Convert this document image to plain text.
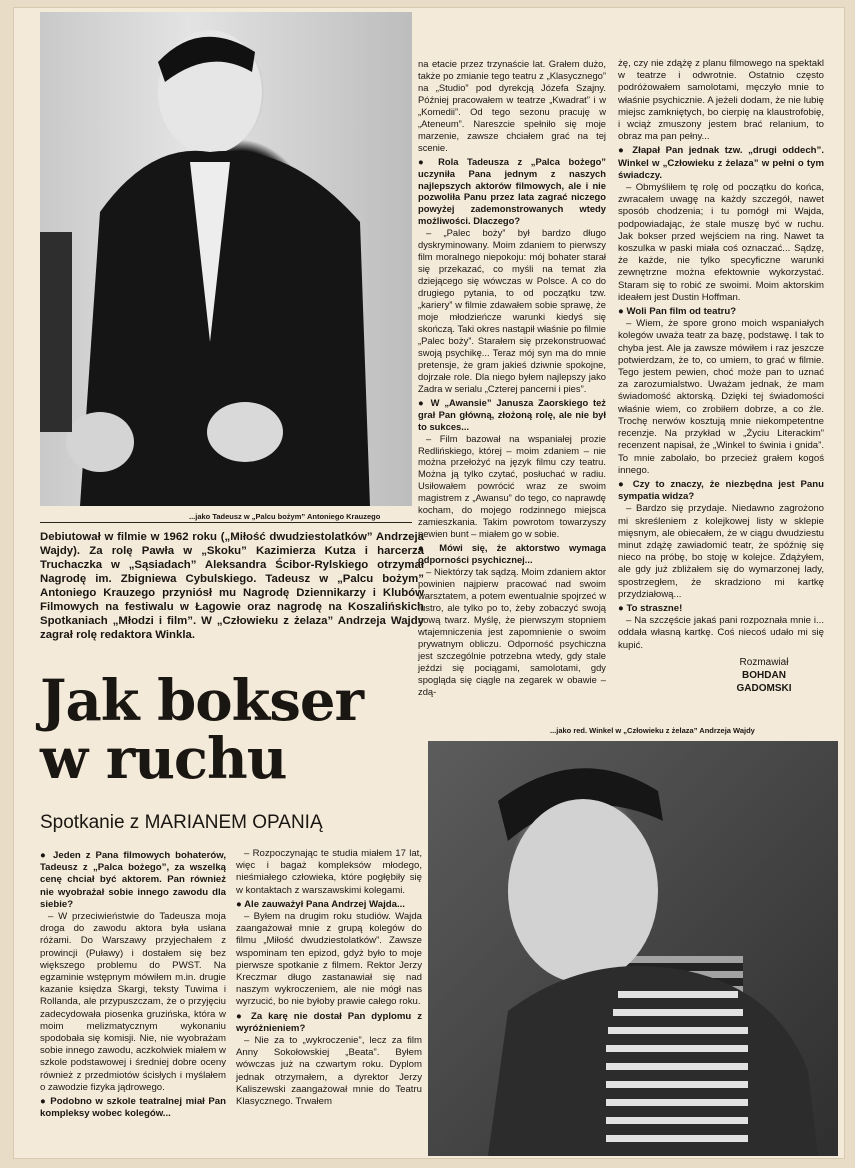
...jako Tadeusz w „Palcu bożym” Antoniego Krauzego
Debiutował w filmie w 1962 roku („Miłość dwudziestolatków” Andrzeja Wajdy). Za rolę Pawła w „Skoku” Kazimierza Kutza i harcerza Truchaczka w „Sąsiadach” Aleksandra Ścibor-Rylskiego otrzymał Nagrodę im. Zbigniewa Cybulskiego. Tadeusz w „Palcu bożym” Antoniego Krauzego przyniósł mu Nagrodę Dziennikarzy i Klubów Filmowych na festiwalu w Łagowie oraz nagrodę na Koszalińskich Spotkaniach „Młodzi i film”. W „Człowieku z żelaza” Andrzeja Wajdy zagrał rolę redaktora Winkla.
Jak bokser
w ruchu
Spotkanie z MARIANEM OPANIĄ

● Jeden z Pana filmowych bohaterów, Tadeusz z „Palca bożego”, za wszelką cenę chciał być aktorem. Pan również nie wyobrażał sobie innego zawodu dla siebie?

– W przeciwieństwie do Tadeusza moja droga do zawodu aktora była usłana różami. Do Warszawy przyjechałem z prowincji (Puławy) i dostałem się bez większego problemu do PWST. Na egzaminie wstępnym mówiłem m.in. drugie kazanie księdza Skargi, teksty Tuwima i Rollanda, ale przypuszczam, że o przyjęciu zadecydowała piosenka gruzińska, która w moim melizmatycznym wykonaniu spodobała się komisji. Nie, nie wyobrażam sobie innego zawodu, aczkolwiek miałem w szkole podstawowej i średniej dobre oceny również z przedmiotów ścisłych i myślałem o zawodzie fizyka jądrowego.

● Podobno w szkole teatralnej miał Pan kompleksy wobec kolegów...

– Rozpoczynając te studia miałem 17 lat, więc i bagaż kompleksów młodego, nieśmiałego człowieka, które pogłębiły się w kontaktach z warszawskimi kolegami.

● Ale zauważył Pana Andrzej Wajda...

– Byłem na drugim roku studiów. Wajda zaangażował mnie z grupą kolegów do filmu „Miłość dwudziestolatków”. Zawsze wspominam ten epizod, gdyż było to moje pierwsze spotkanie z filmem. Rektor Jerzy Kreczmar długo zastanawiał się nad naszym wykroczeniem, ale nie mógł nas wyrzucić, bo nie byłoby prawie całego roku.

● Za karę nie dostał Pan dyplomu z wyróżnieniem?

– Nie za to „wykroczenie”, lecz za film Anny Sokołowskiej „Beata”. Byłem wówczas już na czwartym roku. Dyplom jednak otrzymałem, a dyrektor Jerzy Kaliszewski zaangażował mnie do Teatru Klasycznego. Trwałem

na etacie przez trzynaście lat. Grałem dużo, także po zmianie tego teatru z „Klasycznego” na „Studio” pod dyrekcją Józefa Szajny. Później pracowałem w teatrze „Kwadrat” i w „Komedii”. Od tego sezonu pracuję w „Ateneum”. Nareszcie spełniło się moje marzenie, zawsze chciałem grać na tej scenie.

● Rola Tadeusza z „Palca bożego” uczyniła Pana jednym z naszych najlepszych aktorów filmowych, ale i nie pozwoliła Panu przez lata zagrać niczego powyżej zademonstrowanych wtedy możliwości. Dlaczego?

– „Palec boży” był bardzo długo dyskryminowany. Moim zdaniem to pierwszy film moralnego niepokoju: mój bohater starał się przekazać, co myśli na temat zła dziejącego się wówczas w Polsce. A co do drugiego pytania, to od początku tzw. „kariery” w filmie zdawałem sobie sprawę, że moje młodzieńcze warunki kiedyś się skończą. Taki okres nastąpił właśnie po filmie „Palec boży”. Starałem się przekonstruować swoją psychikę... Teraz mój syn ma do mnie pretensje, że gram jakieś dziwnie spokojne, dojrzałe role. Dla niego byłem najlepszy jako Zadra w serialu „Czterej pancerni i pies”.

● W „Awansie” Janusza Zaorskiego też grał Pan główną, złożoną rolę, ale nie był to sukces...

– Film bazował na wspaniałej prozie Redlińskiego, której – moim zdaniem – nie można przełożyć na język filmu czy teatru. Można ją tylko czytać, posłuchać w radiu. Usiłowałem powrócić wraz ze swoim magistrem z „Awansu” do tego, co naprawdę kocham, do mojego rodzinnego miejsca zamieszkania. Takim powrotom towarzyszy pewien bunt – miałem go w sobie.

● Mówi się, że aktorstwo wymaga odporności psychicznej...

– Niektórzy tak sądzą. Moim zdaniem aktor powinien najpierw pracować nad swoim warsztatem, a potem ewentualnie spojrzeć w lustro, ale tylko po to, żeby zobaczyć swoją nową twarz. Myślę, że pierwszym stopniem wtajemniczenia jest zapomnienie o swoim prywatnym obliczu. Odporność psychiczna jest szczególnie potrzebna wtedy, gdy stale jeździ się pociągami, samolotami, gdy spogląda się ciągle na zegarek w obawie – zdą-

żę, czy nie zdążę z planu filmowego na spektakl w teatrze i odwrotnie. Ostatnio często podróżowałem samolotami, męczyło mnie to właśnie psychicznie. A jeżeli dodam, że nie lubię miejsc zamkniętych, bo cierpię na klaustrofobię, i wciąż zmuszony jestem brać relanium, to obraz ma pan pełny...

● Złapał Pan jednak tzw. „drugi oddech”. Winkel w „Człowieku z żelaza” w pełni o tym świadczy.

– Obmyśliłem tę rolę od początku do końca, zwracałem uwagę na każdy szczegół, nawet sposób chodzenia; i tu pomógł mi Wajda, podpowiadając, że stale muszę być w ruchu. Jak bokser przed wejściem na ring. Nawet ta koszulka w paski miała coś oznaczać... Sądzę, że każde, nie tylko specyficzne warunki zewnętrzne można efektownie wykorzystać. Staram się to robić ze swoimi. Moim aktorskim ideałem jest Dustin Hoffman.

● Woli Pan film od teatru?

– Wiem, że spore grono moich wspaniałych kolegów uważa teatr za bazę, podstawę. I tak to chyba jest. Ale ja zawsze mówiłem i raz jeszcze potwierdzam, że to, co umiem, to grać w filmie. Tego jestem pewien, choć może pan to uznać za zarozumialstwo. Uważam jednak, że mam świadomość aktorską. Dzięki tej świadomości właśnie wiem, co zrobiłem dobrze, a co źle. Trochę nerwów kosztują mnie niekompetentne recenzje. Na przykład w „Życiu Literackim” recenzent napisał, że „Winkel to świnia i gnida”. To mnie zabolało, bo przecież grałem kogoś innego.

● Czy to znaczy, że niezbędna jest Panu sympatia widza?

– Bardzo się przydaje. Niedawno zagrożono mi skreśleniem z kolejkowej listy w sklepie mięsnym, ale obiecałem, że w ciągu dwudziestu minut zdążę zawiadomić teatr, że spóźnię się nieco na próbę, bo stoję w kolejce. Zdążyłem, ale gdy już zbliżałem się do wymarzonej lady, spostrzegłem, że skradziono mi kartkę przydziałową...

● To straszne!

– Na szczęście jakaś pani rozpoznała mnie i... oddała własną kartkę. Coś niecoś udało mi się kupić.

Rozmawiał
BOHDAN
GADOMSKI
...jako red. Winkel w „Człowieku z żelaza” Andrzeja Wajdy
